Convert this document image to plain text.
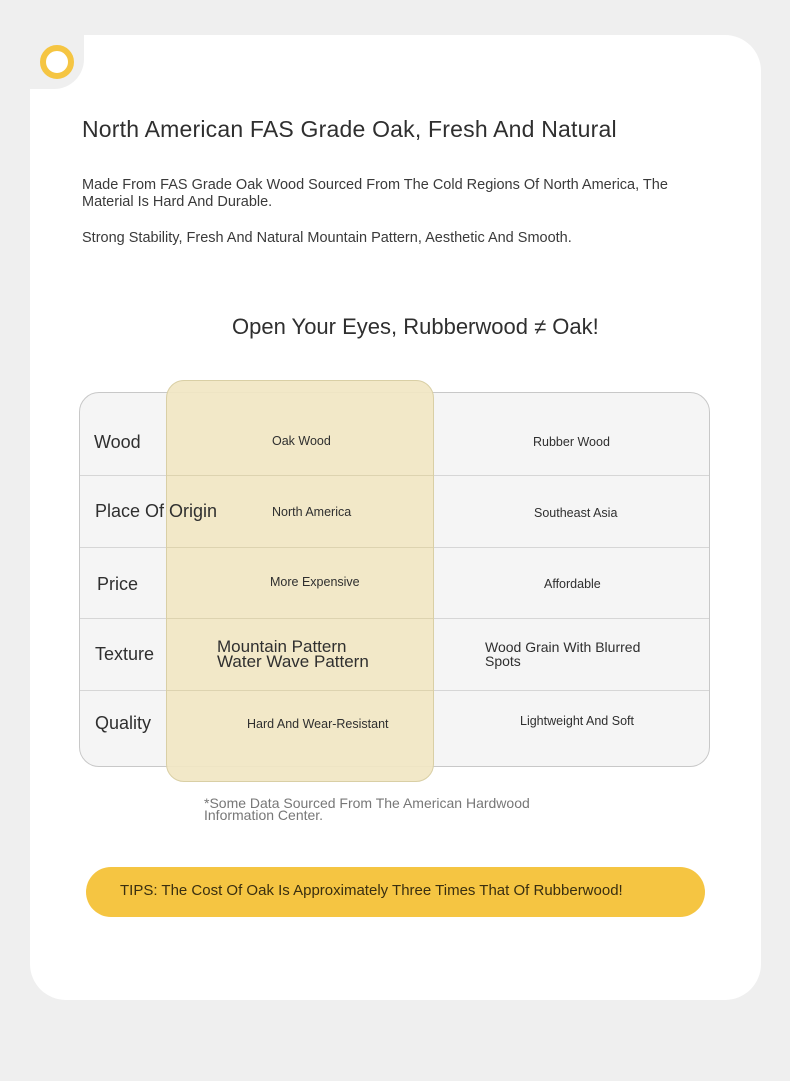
North American FAS Grade Oak, Fresh And Natural

Made From FAS Grade Oak Wood Sourced From The Cold Regions Of North America, The Material Is Hard And Durable.

Strong Stability, Fresh And Natural Mountain Pattern, Aesthetic And Smooth.

Open Your Eyes, Rubberwood ≠ Oak!
Wood
Place Of Origin
Price
Texture
Quality
Oak Wood
North America
More Expensive
Mountain Pattern
Water Wave Pattern
Hard And Wear-Resistant
Rubber Wood
Southeast Asia
Affordable
Wood Grain With Blurred Spots
Lightweight And Soft
*Some Data Sourced From The American Hardwood Information Center.
TIPS: The Cost Of Oak Is Approximately Three Times That Of Rubberwood!
